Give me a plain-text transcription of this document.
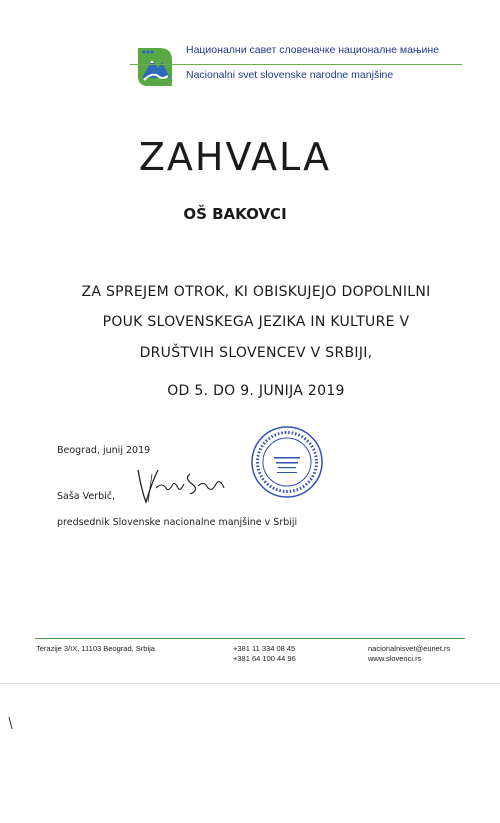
Национални савет словеначке националне мањине
Nacionalni svet slovenske narodne manjšine
ZAHVALA
OŠ BAKOVCI
ZA SPREJEM OTROK, KI OBISKUJEJO DOPOLNILNI
POUK SLOVENSKEGA JEZIKA IN KULTURE V
DRUŠTVIH SLOVENCEV V SRBIJI,
OD 5. DO 9. JUNIJA 2019
Beograd, junij 2019
Saša Verbič,
predsednik Slovenske nacionalne manjšine v Srbiji
Terazije 3/IX, 11103 Beograd, Srbija	+381 11 334 08 45
+381 64 100 44 96
nacionalnisvet@eunet.rs
www.slovenci.rs
